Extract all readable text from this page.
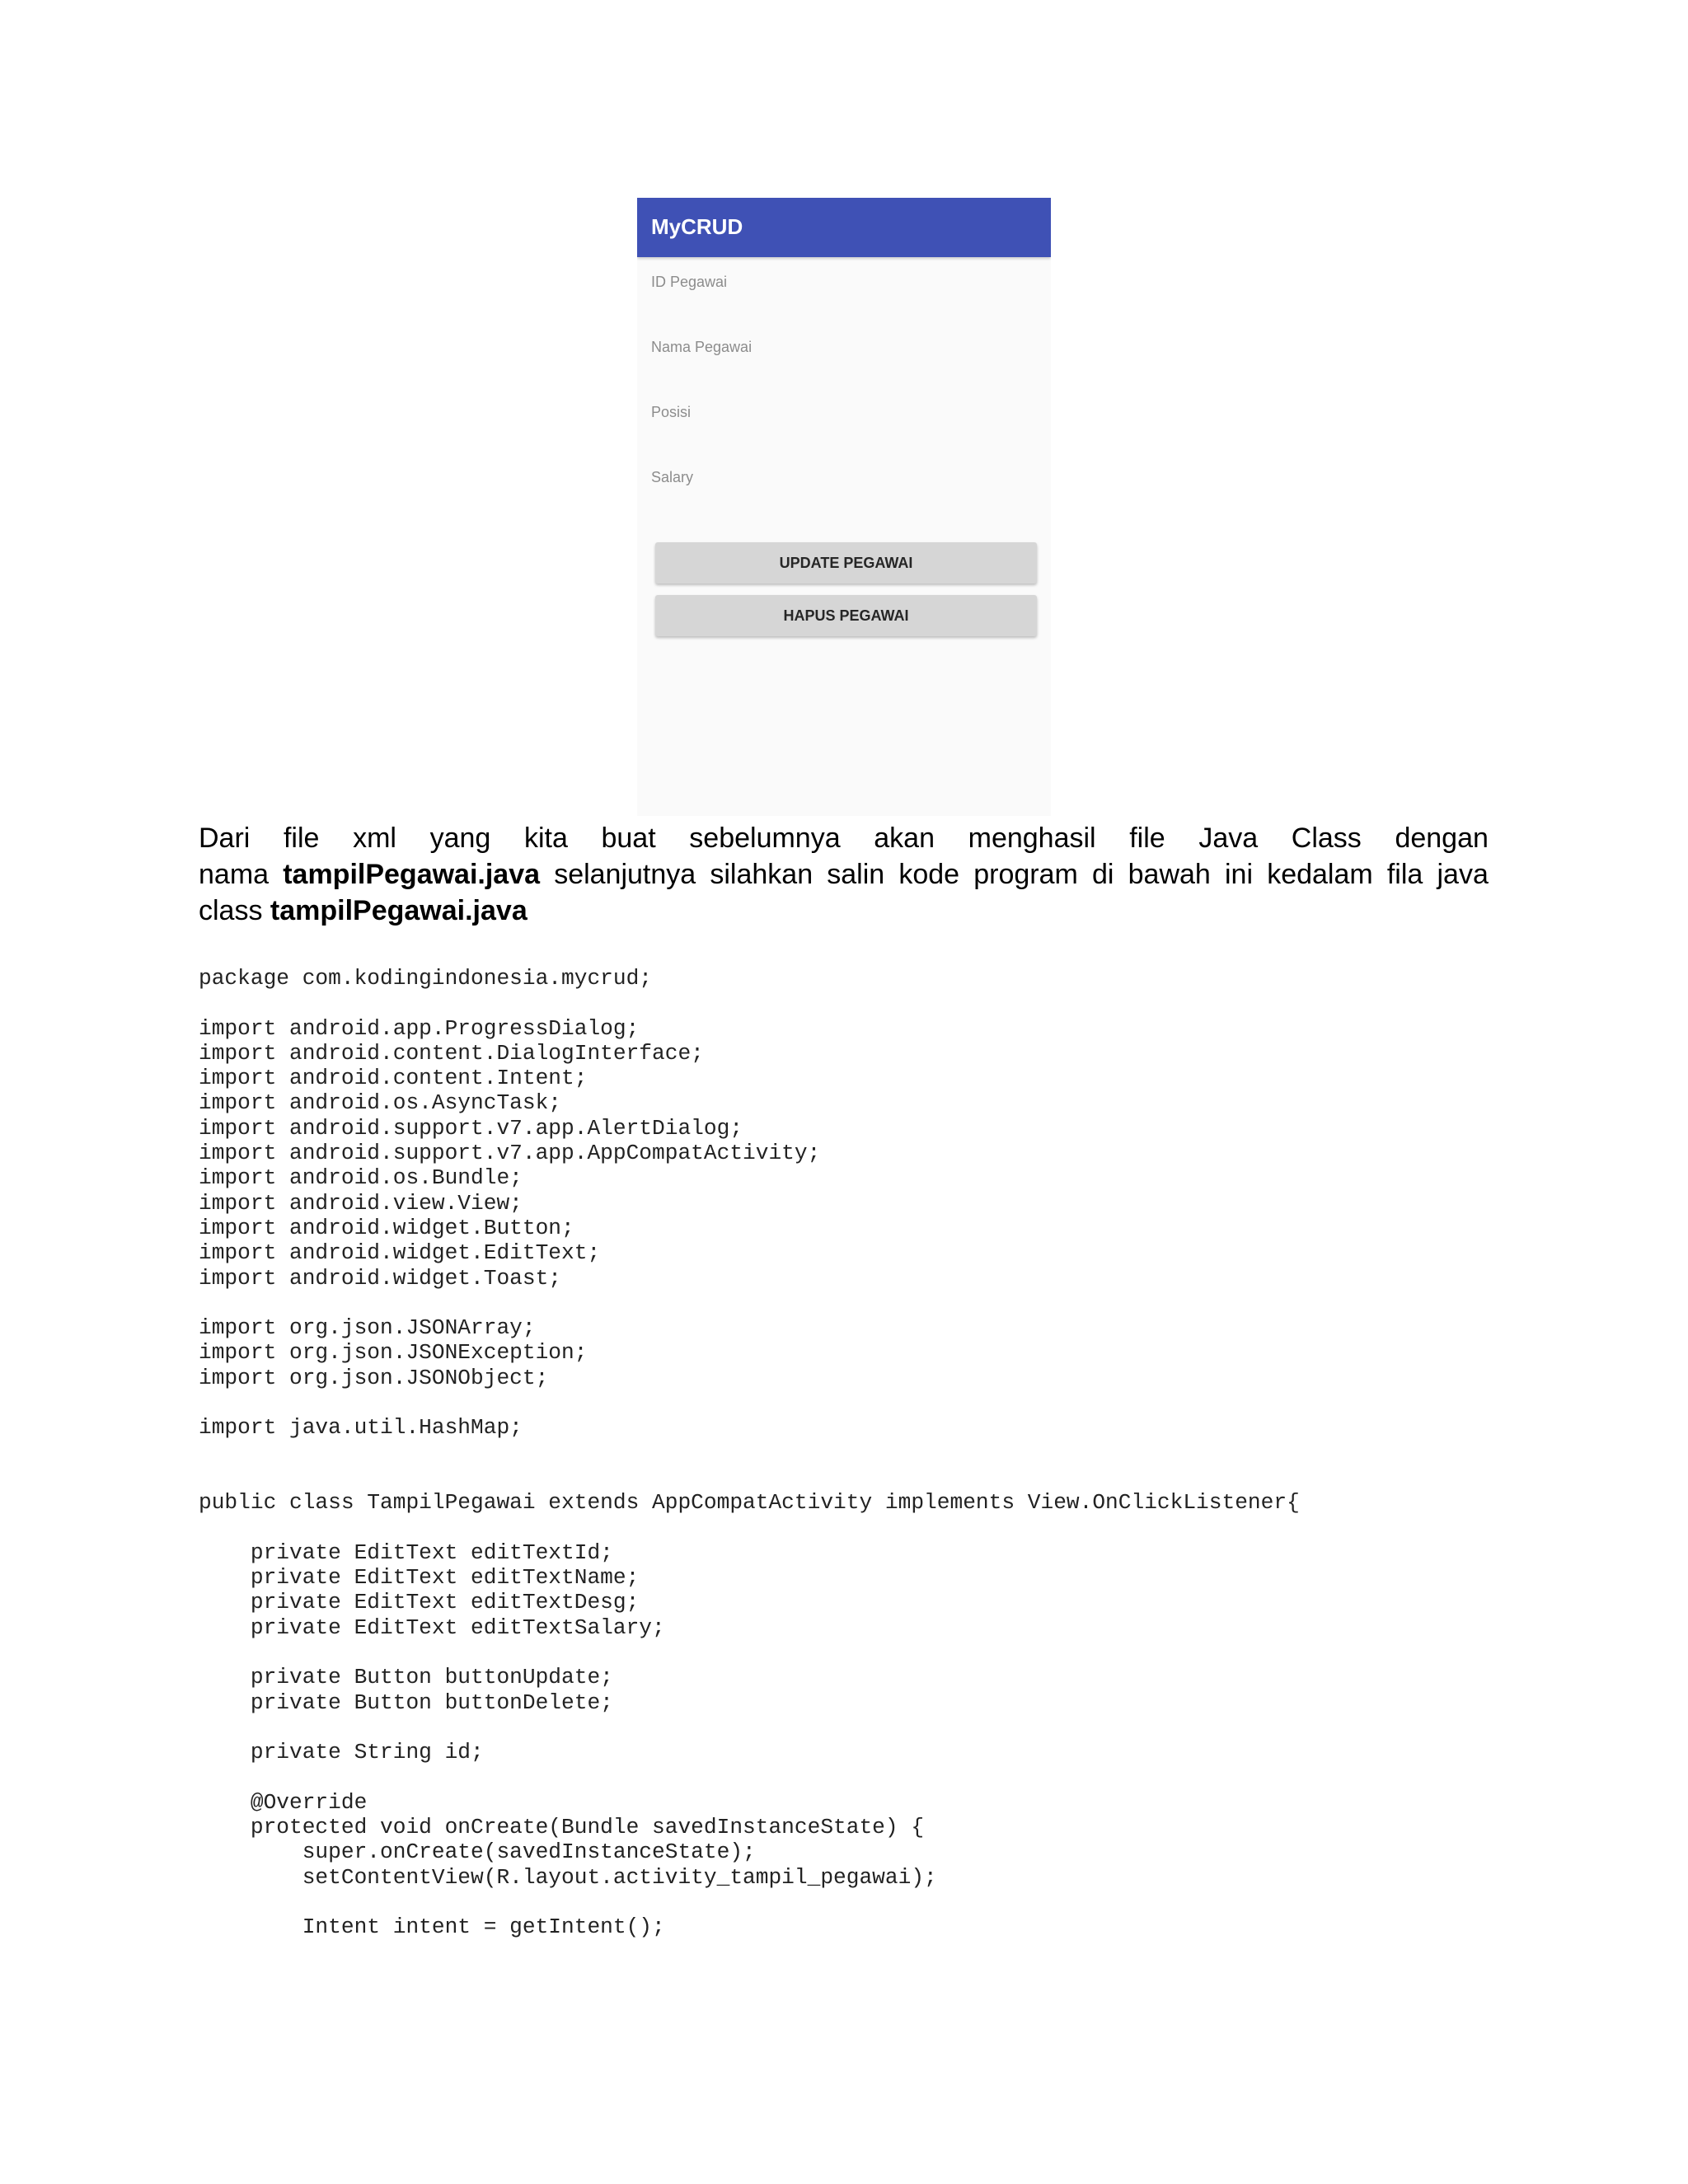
MyCRUD
ID Pegawai
Nama Pegawai
Posisi
Salary
UPDATE PEGAWAI
HAPUS PEGAWAI
Dari file xml yang kita buat sebelumnya akan menghasil file Java Class dengan
nama tampilPegawai.java selanjutnya silahkan salin kode program di bawah ini kedalam fila java
class tampilPegawai.java
package com.kodingindonesia.mycrud;
import android.app.ProgressDialog;
import android.content.DialogInterface;
import android.content.Intent;
import android.os.AsyncTask;
import android.support.v7.app.AlertDialog;
import android.support.v7.app.AppCompatActivity;
import android.os.Bundle;
import android.view.View;
import android.widget.Button;
import android.widget.EditText;
import android.widget.Toast;
import org.json.JSONArray;
import org.json.JSONException;
import org.json.JSONObject;
import java.util.HashMap;
public class TampilPegawai extends AppCompatActivity implements View.OnClickListener{
private EditText editTextId;
private EditText editTextName;
private EditText editTextDesg;
private EditText editTextSalary;
private Button buttonUpdate;
private Button buttonDelete;
private String id;
@Override
protected void onCreate(Bundle savedInstanceState) {
super.onCreate(savedInstanceState);
setContentView(R.layout.activity_tampil_pegawai);
Intent intent = getIntent();
